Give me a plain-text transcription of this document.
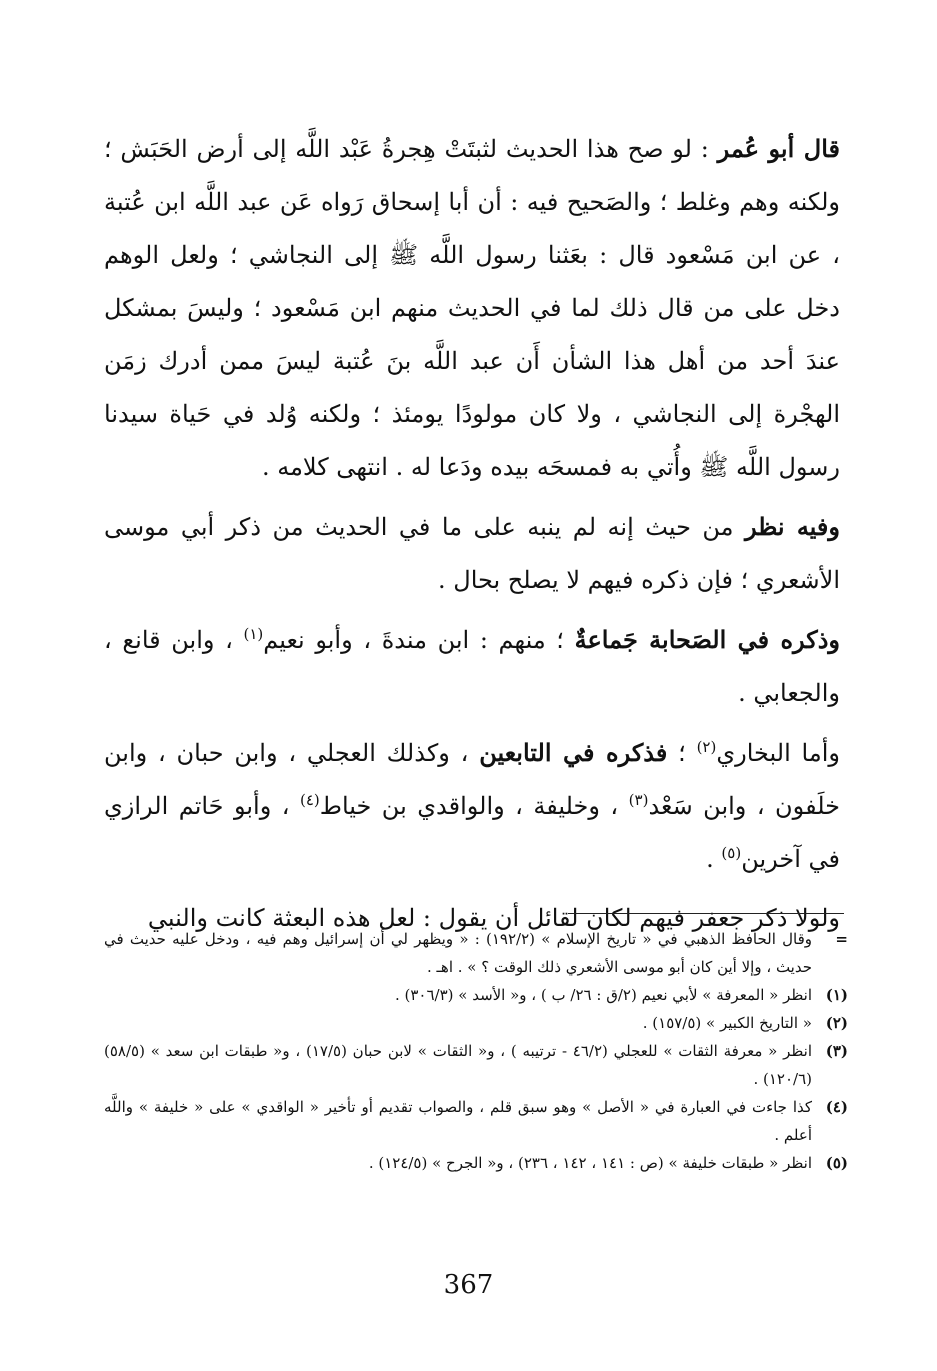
قال أبو عُمر : لو صح هذا الحديث لثبتَتْ هِجرةُ عَبْد اللَّه إلى أرض الحَبَش ؛ ولكنه وهم وغلط ؛ والصَحيح فيه : أن أبا إسحاق رَواه عَن عبد اللَّه ابن عُتبة ، عن ابن مَسْعود قال : بعَثنا رسول اللَّه ﷺ إلى النجاشي ؛ ولعل الوهم دخل على من قال ذلك لما في الحديث منهم ابن مَسْعود ؛ وليسَ بمشكل عندَ أحد من أهل هذا الشأن أَن عبد اللَّه بنَ عُتبة ليسَ ممن أدرك زمَن الهجْرة إلى النجاشي ، ولا كان مولودًا يومئذ ؛ ولكنه وُلد في حَياة سيدنا رسول اللَّه ﷺ وأُتي به فمسحَه بيده ودَعا له . انتهى كلامه .

وفيه نظر من حيث إنه لم ينبه على ما في الحديث من ذكر أبي موسى الأشعري ؛ فإن ذكره فيهم لا يصلح بحال .

وذكره في الصَحابة جَماعةٌ ؛ منهم : ابن مندةَ ، وأبو نعيم$^{(١)}$ ، وابن قانع ، والجعابي .

وأما البخاري$^{(٢)}$ ؛ فذكره في التابعين ، وكذلك العجلي ، وابن حبان ، وابن خلَفون ، وابن سَعْد$^{(٣)}$ ، وخليفة ، والواقدي بن خياط$^{(٤)}$ ، وأبو حَاتم الرازي في آخرين$^{(٥)}$ .

ولولا ذكر جعفر فيهم لكان لقائل أن يقول : لعل هذه البعثة كانت والنبي

=
وقال الحافظ الذهبي في « تاريخ الإسلام » (١٩٢/٢) : « ويظهر لي أن إسرائيل وهم فيه ، ودخل عليه حديث في حديث ، وإلا أين كان أبو موسى الأشعري ذلك الوقت ؟ » . اهـ .
(١)
انظر « المعرفة » لأبي نعيم (٢/ق : ٢٦/ ب ) ، و« الأسد » (٣٠٦/٣) .
(٢)
« التاريخ الكبير » (١٥٧/٥) .
(٣)
انظر « معرفة الثقات » للعجلي (٤٦/٢ - ترتيبه ) ، و« الثقات » لابن حبان (١٧/٥) ، و« طبقات ابن سعد » (٥٨/٥) (١٢٠/٦) .
(٤)
كذا جاءت في العبارة في « الأصل » وهو سبق قلم ، والصواب تقديم أو تأخير « الواقدي » على « خليفة » واللَّه أعلم .
(٥)
انظر « طبقات خليفة » (ص : ١٤١ ، ١٤٢ ، ٢٣٦) ، و« الجرح » (١٢٤/٥) .
367
